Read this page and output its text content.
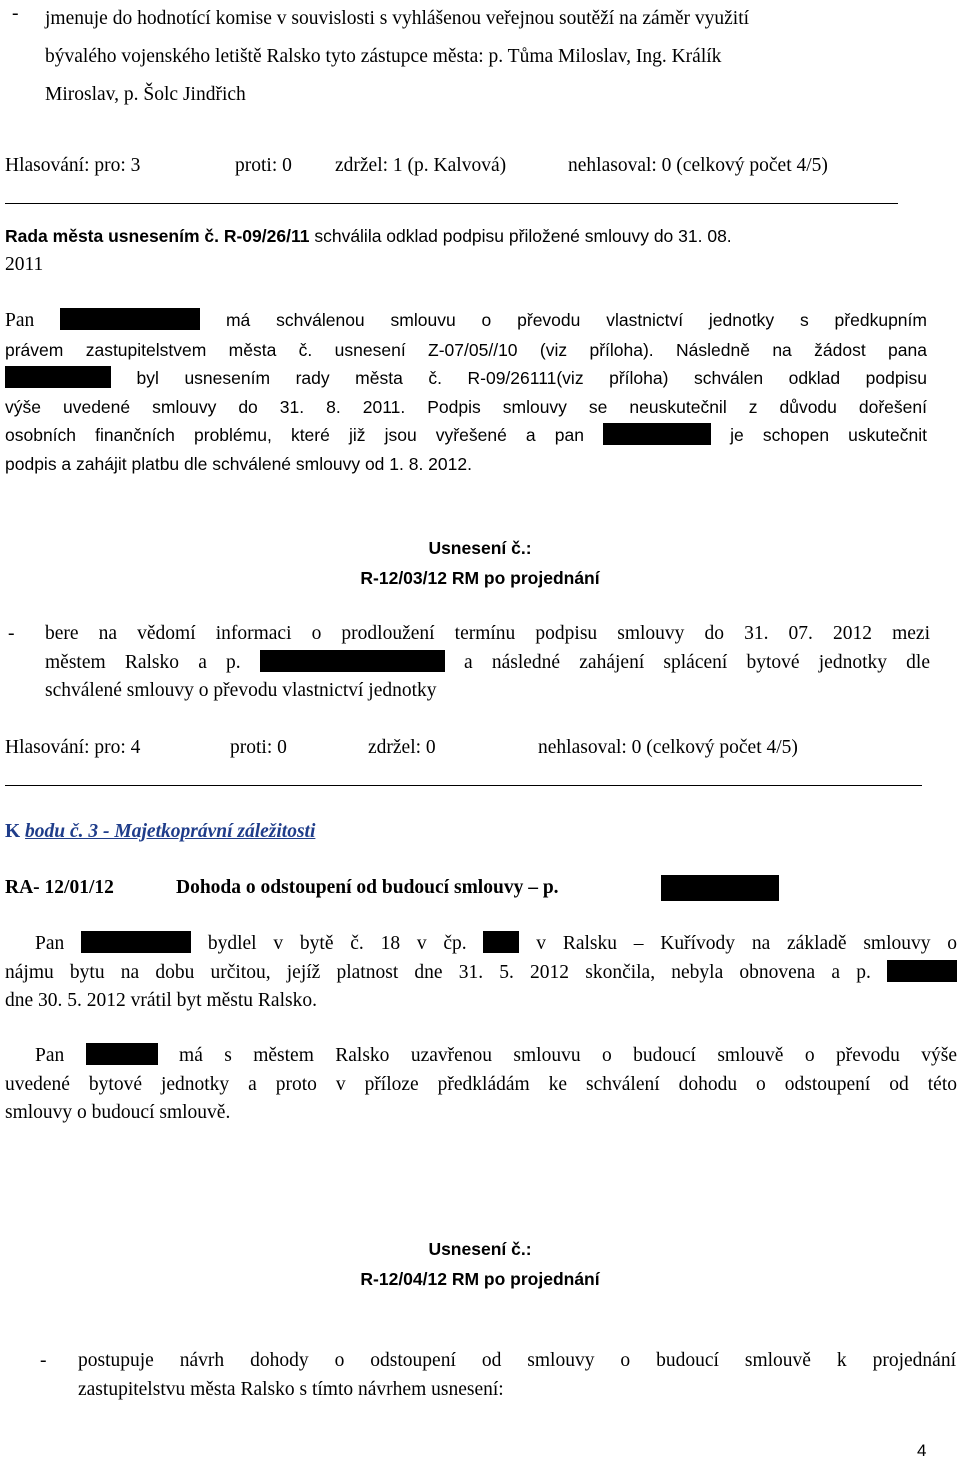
- jmenuje do hodnotící komise v souvislosti s vyhlášenou veřejnou soutěží na záměr využití
bývalého vojenského letiště Ralsko tyto zástupce města: p. Tůma Miloslav, Ing. Králík
Miroslav, p. Šolc Jindřich

Hlasování: pro: 3	proti: 0 zdržel: 1 (p. Kalvová)	nehlasoval: 0 (celkový počet 4/5)

Rada města usnesením č. R-09/26/11 schválila odklad podpisu přiložené smlouvy do 31. 08.
2011

Pan	má schválenou smlouvu o převodu vlastnictví jednotky s předkupním
právem zastupitelstvem města č. usnesení Z-07/05//10 (viz příloha). Následně na žádost pana
byl usnesením rady města č. R-09/26111(viz příloha) schválen odklad podpisu
výše uvedené smlouvy do 31. 8. 2011. Podpis smlouvy se neuskutečnil z důvodu dořešení
osobních finančních problému, které již jsou vyřešené a pan	je schopen uskutečnit
podpis a zahájit platbu dle schválené smlouvy od 1. 8. 2012.
Usnesení č.:
R-12/03/12 RM po projednání
- bere na vědomí informaci o prodloužení termínu podpisu smlouvy do 31. 07. 2012 mezi
městem Ralsko a p.	a následné zahájení splácení bytové jednotky dle
schválené smlouvy o převodu vlastnictví jednotky
Hlasování: pro: 4	proti: 0	zdržel: 0	nehlasoval: 0 (celkový počet 4/5)
K bodu č. 3 - Majetkoprávní záležitosti
RA- 12/01/12	Dohoda o odstoupení od budoucí smlouvy – p.
Pan	bydlel v bytě č. 18 v čp.	v Ralsku – Kuřívody na základě smlouvy o
nájmu bytu na dobu určitou, jejíž platnost dne 31. 5. 2012 skončila, nebyla obnovena a p.
dne 30. 5. 2012 vrátil byt městu Ralsko.
Pan	má s městem Ralsko uzavřenou smlouvu o budoucí smlouvě o převodu výše
uvedené bytové jednotky a proto v příloze předkládám ke schválení dohodu o odstoupení od této
smlouvy o budoucí smlouvě.
Usnesení č.:
R-12/04/12 RM po projednání
- postupuje návrh dohody o odstoupení od smlouvy o budoucí smlouvě k projednání
zastupitelstvu města Ralsko s tímto návrhem usnesení:
4
